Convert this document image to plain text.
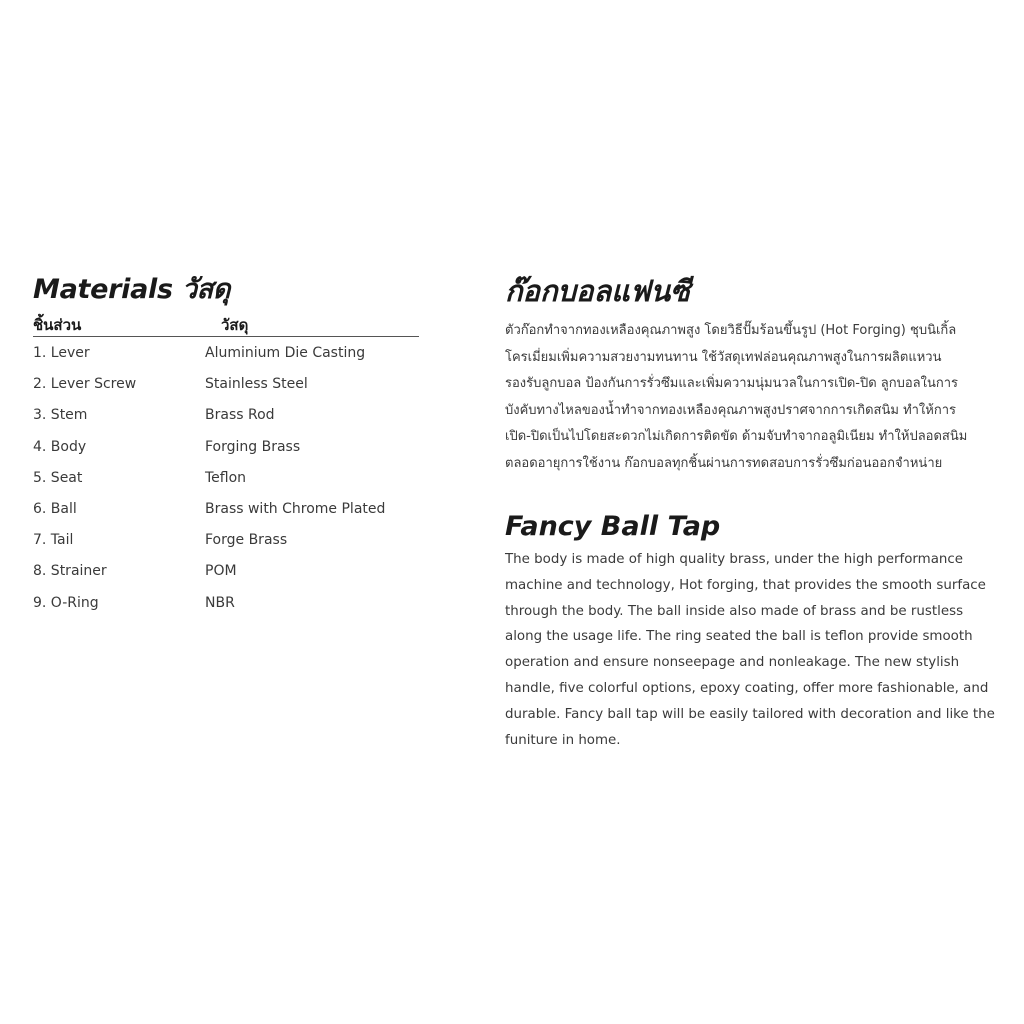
Materials วัสดุ
ชิ้นส่วน	วัสดุ
1. Lever	Aluminium Die Casting
2. Lever Screw	Stainless Steel
3. Stem	Brass Rod
4. Body	Forging Brass
5. Seat	Teflon
6. Ball	Brass with Chrome Plated
7. Tail	Forge Brass
8. Strainer	POM
9. O-Ring	NBR
ก๊อกบอลแฟนซี
ตัวก๊อกทำจากทองเหลืองคุณภาพสูง โดยวิธีปั๊มร้อนขึ้นรูป (Hot Forging) ชุบนิเกิ้ล
โครเมี่ยมเพิ่มความสวยงามทนทาน ใช้วัสดุเทฟล่อนคุณภาพสูงในการผลิตแหวน
รองรับลูกบอล ป้องกันการรั่วซึมและเพิ่มความนุ่มนวลในการเปิด-ปิด ลูกบอลในการ
บังคับทางไหลของน้ำทำจากทองเหลืองคุณภาพสูงปราศจากการเกิดสนิม ทำให้การ
เปิด-ปิดเป็นไปโดยสะดวกไม่เกิดการติดขัด ด้ามจับทำจากอลูมิเนียม ทำให้ปลอดสนิม
ตลอดอายุการใช้งาน ก๊อกบอลทุกชิ้นผ่านการทดสอบการรั่วซึมก่อนออกจำหน่าย
Fancy Ball Tap
The body is made of high quality brass, under the high performance
machine and technology, Hot forging, that provides the smooth surface
through the body. The ball inside also made of brass and be rustless
along the usage life. The ring seated the ball is teflon provide smooth
operation and ensure nonseepage and nonleakage. The new stylish
handle, five colorful options, epoxy coating, offer more fashionable, and
durable. Fancy ball tap will be easily tailored with decoration and like the
funiture in home.
